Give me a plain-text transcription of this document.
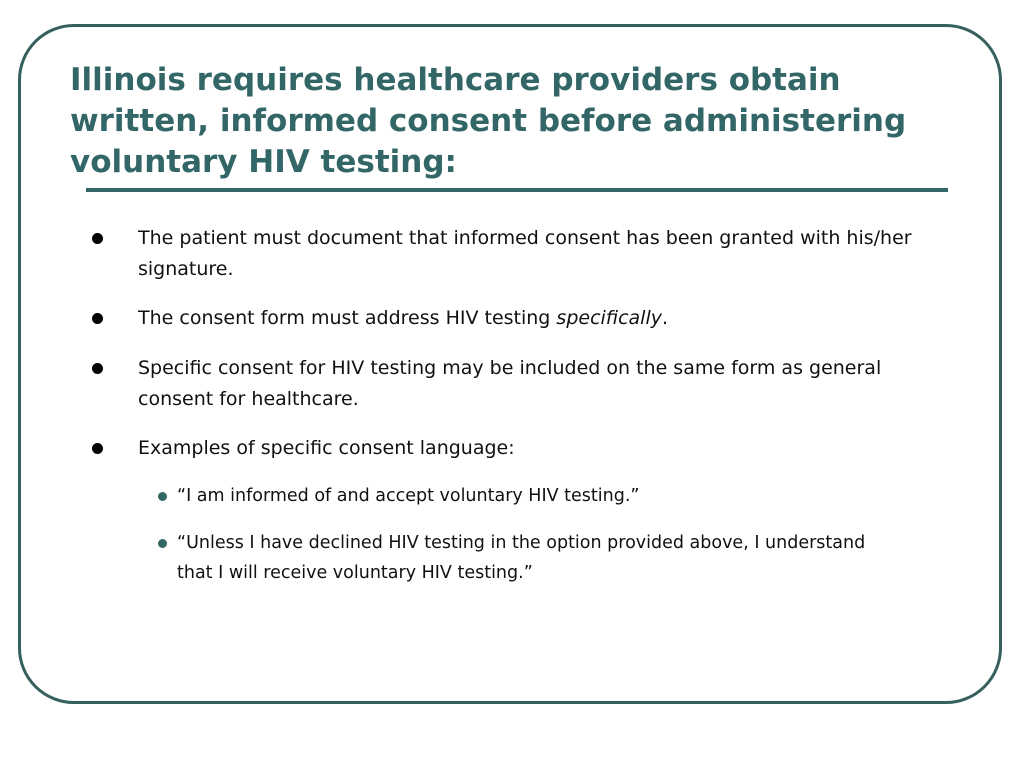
Illinois requires healthcare providers obtain written, informed consent before administering voluntary HIV testing:
The patient must document that informed consent has been granted with his/her signature.
The consent form must address HIV testing specifically.
Specific consent for HIV testing may be included on the same form as general consent for healthcare.
Examples of specific consent language:
“I am informed of and accept voluntary HIV testing.”
“Unless I have declined HIV testing in the option provided above, I understand that I will receive voluntary HIV testing.”
